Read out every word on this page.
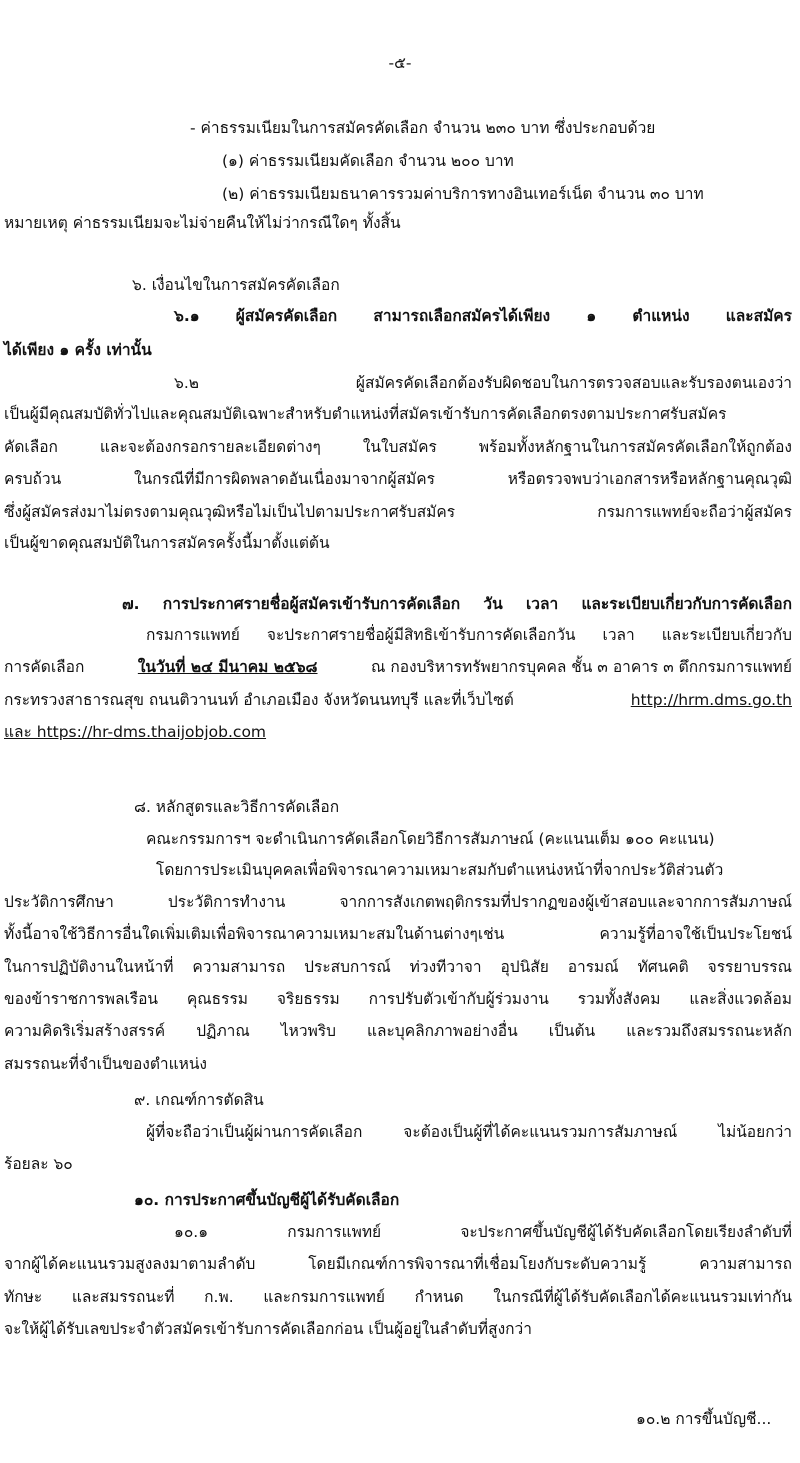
-๕-
- ค่าธรรมเนียมในการสมัครคัดเลือก จำนวน ๒๓๐ บาท ซึ่งประกอบด้วย
(๑) ค่าธรรมเนียมคัดเลือก จำนวน ๒๐๐ บาท
(๒) ค่าธรรมเนียมธนาคารรวมค่าบริการทางอินเทอร์เน็ต จำนวน ๓๐ บาท
หมายเหตุ ค่าธรรมเนียมจะไม่จ่ายคืนให้ไม่ว่ากรณีใดๆ ทั้งสิ้น
๖. เงื่อนไขในการสมัครคัดเลือก
๖.๑ ผู้สมัครคัดเลือก สามารถเลือกสมัครได้เพียง ๑ ตำแหน่ง และสมัคร
ได้เพียง ๑ ครั้ง เท่านั้น
๖.๒ ผู้สมัครคัดเลือกต้องรับผิดชอบในการตรวจสอบและรับรองตนเองว่า
เป็นผู้มีคุณสมบัติทั่วไปและคุณสมบัติเฉพาะสำหรับตำแหน่งที่สมัครเข้ารับการคัดเลือกตรงตามประกาศรับสมัคร
คัดเลือก และจะต้องกรอกรายละเอียดต่างๆ ในใบสมัคร พร้อมทั้งหลักฐานในการสมัครคัดเลือกให้ถูกต้อง
ครบถ้วน ในกรณีที่มีการผิดพลาดอันเนื่องมาจากผู้สมัคร หรือตรวจพบว่าเอกสารหรือหลักฐานคุณวุฒิ
ซึ่งผู้สมัครส่งมาไม่ตรงตามคุณวุฒิหรือไม่เป็นไปตามประกาศรับสมัคร กรมการแพทย์จะถือว่าผู้สมัคร
เป็นผู้ขาดคุณสมบัติในการสมัครครั้งนี้มาตั้งแต่ต้น
๗. การประกาศรายชื่อผู้สมัครเข้ารับการคัดเลือก วัน เวลา และระเบียบเกี่ยวกับการคัดเลือก
กรมการแพทย์ จะประกาศรายชื่อผู้มีสิทธิเข้ารับการคัดเลือกวัน เวลา และระเบียบเกี่ยวกับ
การคัดเลือก	ในวันที่ ๒๔ มีนาคม ๒๕๖๘	ณ กองบริหารทรัพยากรบุคคล ชั้น ๓ อาคาร ๓ ตึกกรมการแพทย์
กระทรวงสาธารณสุข ถนนติวานนท์ อำเภอเมือง จังหวัดนนทบุรี และที่เว็บไซต์	http://hrm.dms.go.th
และ https://hr-dms.thaijobjob.com
๘. หลักสูตรและวิธีการคัดเลือก
คณะกรรมการฯ จะดำเนินการคัดเลือกโดยวิธีการสัมภาษณ์ (คะแนนเต็ม ๑๐๐ คะแนน)
โดยการประเมินบุคคลเพื่อพิจารณาความเหมาะสมกับตำแหน่งหน้าที่จากประวัติส่วนตัว
ประวัติการศึกษา ประวัติการทำงาน จากการสังเกตพฤติกรรมที่ปรากฏของผู้เข้าสอบและจากการสัมภาษณ์
ทั้งนี้อาจใช้วิธีการอื่นใดเพิ่มเติมเพื่อพิจารณาความเหมาะสมในด้านต่างๆเช่น ความรู้ที่อาจใช้เป็นประโยชน์
ในการปฏิบัติงานในหน้าที่ ความสามารถ ประสบการณ์ ท่วงทีวาจา อุปนิสัย อารมณ์ ทัศนคติ จรรยาบรรณ
ของข้าราชการพลเรือน คุณธรรม จริยธรรม การปรับตัวเข้ากับผู้ร่วมงาน รวมทั้งสังคม และสิ่งแวดล้อม
ความคิดริเริ่มสร้างสรรค์ ปฏิภาณ ไหวพริบ และบุคลิกภาพอย่างอื่น เป็นต้น และรวมถึงสมรรถนะหลัก
สมรรถนะที่จำเป็นของตำแหน่ง
๙. เกณฑ์การตัดสิน
ผู้ที่จะถือว่าเป็นผู้ผ่านการคัดเลือก จะต้องเป็นผู้ที่ได้คะแนนรวมการสัมภาษณ์ ไม่น้อยกว่า
ร้อยละ ๖๐
๑๐. การประกาศขึ้นบัญชีผู้ได้รับคัดเลือก
๑๐.๑ กรมการแพทย์ จะประกาศขึ้นบัญชีผู้ได้รับคัดเลือกโดยเรียงลำดับที่
จากผู้ได้คะแนนรวมสูงลงมาตามลำดับ โดยมีเกณฑ์การพิจารณาที่เชื่อมโยงกับระดับความรู้ ความสามารถ
ทักษะ และสมรรถนะที่ ก.พ. และกรมการแพทย์ กำหนด ในกรณีที่ผู้ได้รับคัดเลือกได้คะแนนรวมเท่ากัน
จะให้ผู้ได้รับเลขประจำตัวสมัครเข้ารับการคัดเลือกก่อน เป็นผู้อยู่ในลำดับที่สูงกว่า
๑๐.๒ การขึ้นบัญชี...
